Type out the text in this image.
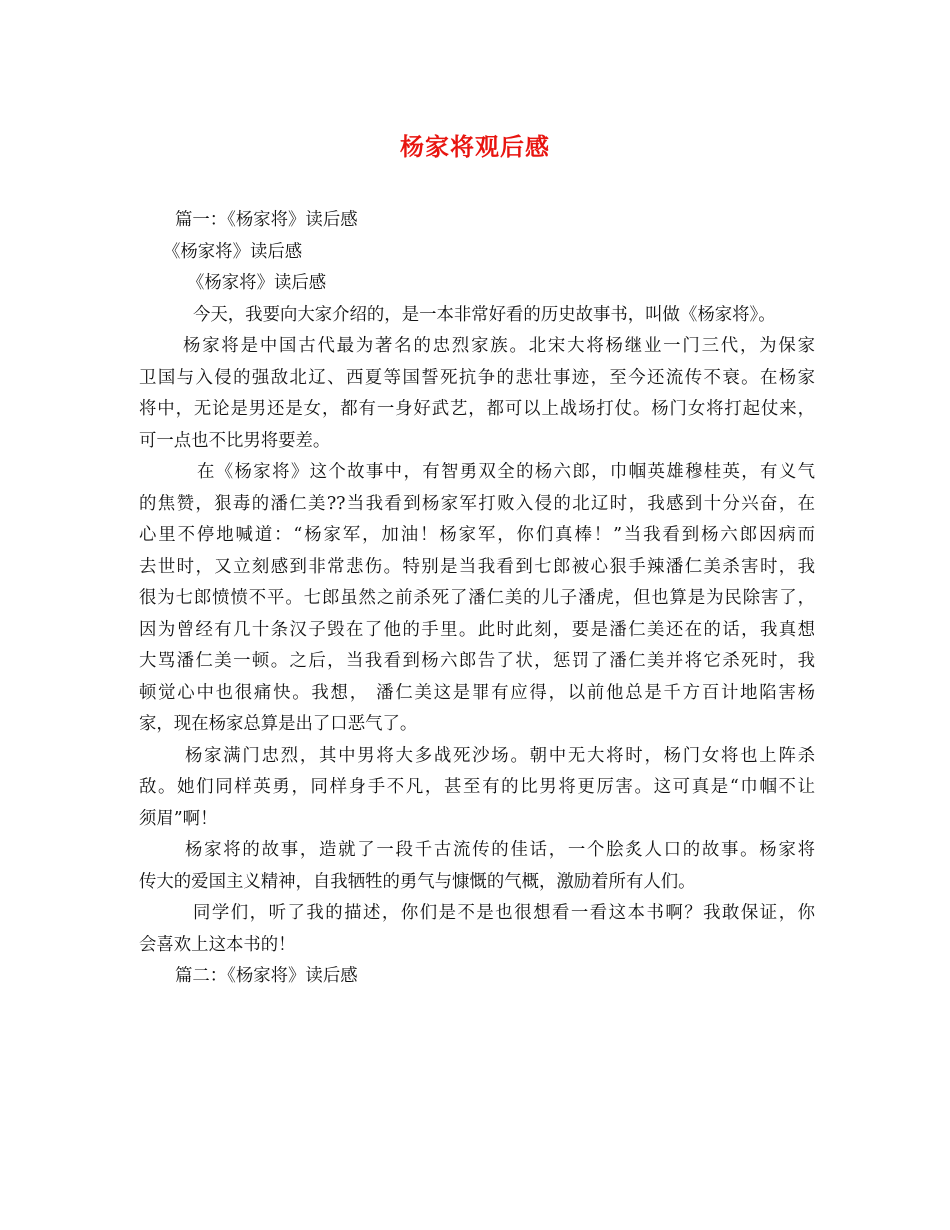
杨家将观后感
篇一：《杨家将》读后感
《杨家将》读后感
《杨家将》读后感
今天，我要向大家介绍的，是一本非常好看的历史故事书，叫做《杨家将》。
杨家将是中国古代最为著名的忠烈家族。北宋大将杨继业一门三代，为保家
卫国与入侵的强敌北辽、西夏等国誓死抗争的悲壮事迹，至今还流传不衰。在杨家
将中，无论是男还是女，都有一身好武艺，都可以上战场打仗。杨门女将打起仗来，
可一点也不比男将要差。
在《杨家将》这个故事中，有智勇双全的杨六郎，巾帼英雄穆桂英，有义气
的焦赞，狠毒的潘仁美??当我看到杨家军打败入侵的北辽时，我感到十分兴奋，在
心里不停地喊道：“杨家军，加油！杨家军，你们真棒！”当我看到杨六郎因病而
去世时，又立刻感到非常悲伤。特别是当我看到七郎被心狠手辣潘仁美杀害时，我
很为七郎愤愤不平。七郎虽然之前杀死了潘仁美的儿子潘虎，但也算是为民除害了，
因为曾经有几十条汉子毁在了他的手里。此时此刻，要是潘仁美还在的话，我真想
大骂潘仁美一顿。之后，当我看到杨六郎告了状，惩罚了潘仁美并将它杀死时，我
顿觉心中也很痛快。我想， 潘仁美这是罪有应得，以前他总是千方百计地陷害杨
家，现在杨家总算是出了口恶气了。
杨家满门忠烈，其中男将大多战死沙场。朝中无大将时，杨门女将也上阵杀
敌。她们同样英勇，同样身手不凡，甚至有的比男将更厉害。这可真是“巾帼不让
须眉”啊！
杨家将的故事，造就了一段千古流传的佳话，一个脍炙人口的故事。杨家将
传大的爱国主义精神，自我牺牲的勇气与慷慨的气概，激励着所有人们。
同学们，听了我的描述，你们是不是也很想看一看这本书啊？我敢保证，你
会喜欢上这本书的！
篇二：《杨家将》读后感
